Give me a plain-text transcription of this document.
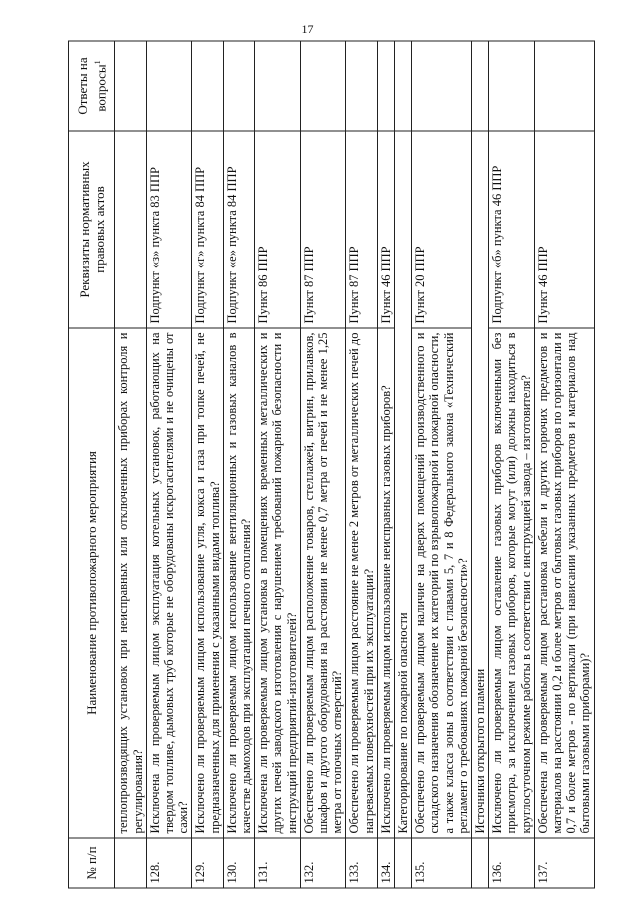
17
№ п/п	Наименование противопожарного мероприятия	Реквизиты нормативных правовых актов	Ответы на вопросы$^1$
	теплопроизводящих установок при неисправных или отключенных приборах контроля и регулирования?		
128.	Исключена ли проверяемым лицом эксплуатация котельных установок, работающих на твердом топливе, дымовых труб которые не оборудованы искрогасителями и не очищены от сажи?	Подпункт «з» пункта 83 ППР	
129.	Исключено ли проверяемым лицом использование угля, кокса и газа при топке печей, не предназначенных для применения с указанными видами топлива?	Подпункт «г» пункта 84 ППР	
130.	Исключено ли проверяемым лицом использование вентиляционных и газовых каналов в качестве дымоходов при эксплуатации печного отопления?	Подпункт «е» пункта 84 ППР	
131.	Исключена ли проверяемым лицом установка в помещениях временных металлических и других печей заводского изготовления с нарушением требований пожарной безопасности и инструкций предприятий-изготовителей?	Пункт 86 ППР	
132.	Обеспечено ли проверяемым лицом расположение товаров, стеллажей, витрин, прилавков, шкафов и другого оборудования на расстоянии не менее 0,7 метра от печей и не менее 1,25 метра от топочных отверстий?	Пункт 87 ППР	
133.	Обеспечено ли проверяемым лицом расстояние не менее 2 метров от металлических печей до нагреваемых поверхностей при их эксплуатации?	Пункт 87 ППР	
134.	Исключено ли проверяемым лицом использование неисправных газовых приборов?	Пункт 46 ППР	
	Категорирование по пожарной опасности		
135.	Обеспечено ли проверяемым лицом наличие на дверях помещений производственного и складского назначения обозначение их категорий по взрывопожарной и пожарной опасности, а также класса зоны в соответствии с главами 5, 7 и 8 Федерального закона «Технический регламент о требованиях пожарной безопасности»?	Пункт 20 ППР	
	Источники открытого пламени		
136.	Исключено ли проверяемым лицом оставление газовых приборов включенными без присмотра, за исключением газовых приборов, которые могут (или) должны находиться в круглосуточном режиме работы в соответствии с инструкцией завода – изготовителя?	Подпункт «б» пункта 46 ППР	
137.	Обеспечена ли проверяемым лицом расстановка мебели и других горючих предметов и материалов на расстоянии 0,2 и более метров от бытовых газовых приборов по горизонтали и 0,7 и более метров - по вертикали (при нависании указанных предметов и материалов над бытовыми газовыми приборами)?	Пункт 46 ППР	
